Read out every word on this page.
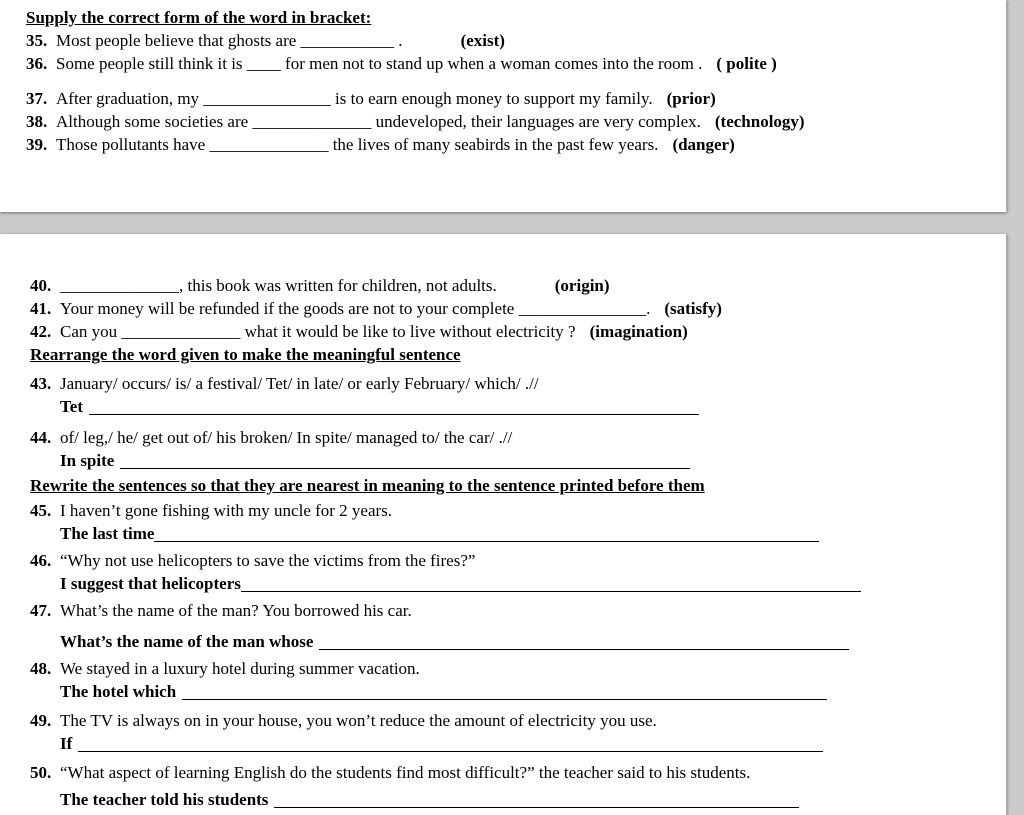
Supply the correct form of the word in bracket:
35. Most people believe that ghosts are ___________ .	(exist)
36. Some people still think it is ____ for men not to stand up when a woman comes into the room . ( polite )
37. After graduation, my _______________ is to earn enough money to support my family. (prior)
38. Although some societies are ______________ undeveloped, their languages are very complex. (technology)
39. Those pollutants have ______________ the lives of many seabirds in the past few years. (danger)
40. ______________, this book was written for children, not adults.	(origin)
41. Your money will be refunded if the goods are not to your complete _______________. (satisfy)
42. Can you ______________ what it would be like to live without electricity ? (imagination)
Rearrange the word given to make the meaningful sentence
43. January/ occurs/ is/ a festival/ Tet/ in late/ or early February/ which/ .//
Tet
44. of/ leg,/ he/ get out of/ his broken/ In spite/ managed to/ the car/ .//
In spite
Rewrite the sentences so that they are nearest in meaning to the sentence printed before them
45. I haven’t gone fishing with my uncle for 2 years.
The last time
46. “Why not use helicopters to save the victims from the fires?”
I suggest that helicopters
47. What’s the name of the man? You borrowed his car.
What’s the name of the man whose
48. We stayed in a luxury hotel during summer vacation.
The hotel which
49. The TV is always on in your house, you won’t reduce the amount of electricity you use.
If
50. “What aspect of learning English do the students find most difficult?” the teacher said to his students.
The teacher told his students
